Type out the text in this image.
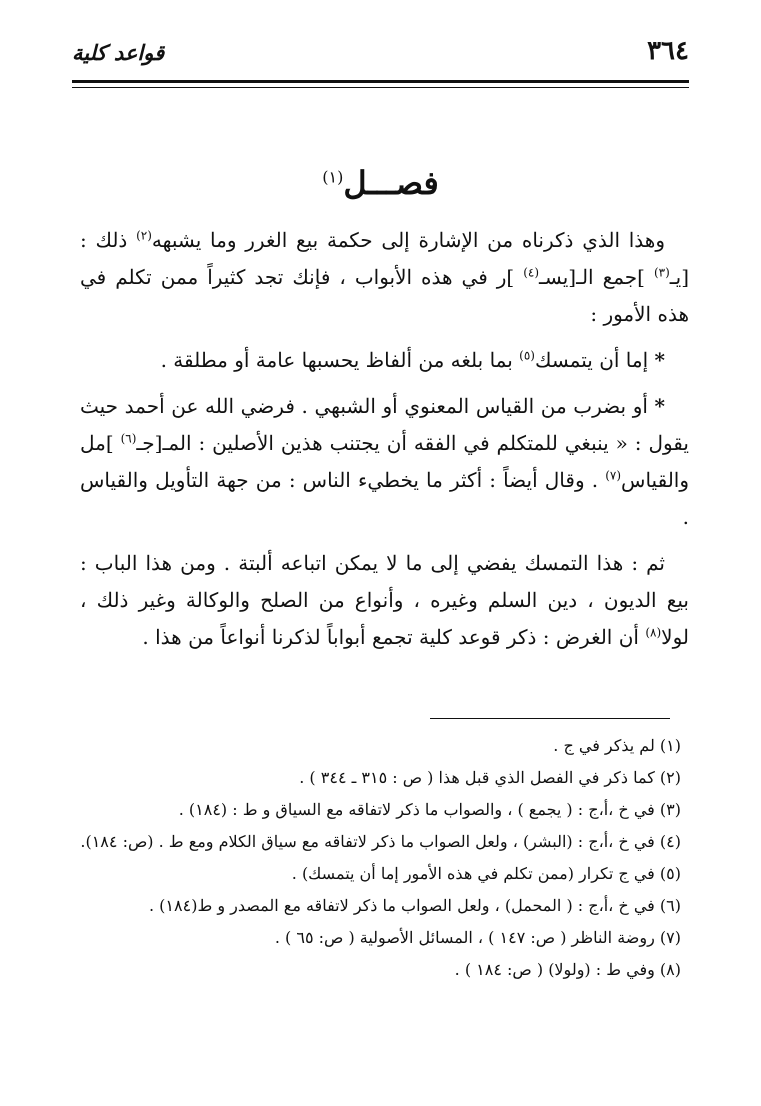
٣٦٤
قواعد كلية
فصـــل$^{(١)}$

وهذا الذي ذكرناه من الإشارة إلى حكمة بيع الغرر وما يشبهه$^{(٢)}$ ذلك : [يـ$^{(٣)}$ ]جمع الـ[يسـ$^{(٤)}$ ]ر في هذه الأبواب ، فإنك تجد كثيراً ممن تكلم في هذه الأمور :

* إما أن يتمسك$^{(٥)}$ بما بلغه من ألفاظ يحسبها عامة أو مطلقة .

* أو بضرب من القياس المعنوي أو الشبهي . فرضي الله عن أحمد حيث يقول : « ينبغي للمتكلم في الفقه أن يجتنب هذين الأصلين : المـ[جـ$^{(٦)}$ ]مل والقياس$^{(٧)}$ . وقال أيضاً : أكثر ما يخطيء الناس : من جهة التأويل والقياس .

ثم : هذا التمسك يفضي إلى ما لا يمكن اتباعه ألبتة . ومن هذا الباب : بيع الديون ، دين السلم وغيره ، وأنواع من الصلح والوكالة وغير ذلك ، لولا$^{(٨)}$ أن الغرض : ذكر قوعد كلية تجمع أبواباً لذكرنا أنواعاً من هذا .

(١) لم يذكر في ج .

(٢) كما ذكر في الفصل الذي قبل هذا ( ص : ٣١٥ ـ ٣٤٤ ) .

(٣) في خ ،أ،ج : ( يجمع ) ، والصواب ما ذكر لاتفاقه مع السياق و ط : (١٨٤) .

(٤) في خ ،أ،ج : (البشر) ، ولعل الصواب ما ذكر لاتفاقه مع سياق الكلام ومع ط . (ص: ١٨٤).

(٥) في ج تكرار (ممن تكلم في هذه الأمور إما أن يتمسك) .

(٦) في خ ،أ،ج : ( المحمل) ، ولعل الصواب ما ذكر لاتفاقه مع المصدر و ط(١٨٤) .

(٧) روضة الناظر ( ص: ١٤٧ ) ، المسائل الأصولية ( ص: ٦٥ ) .

(٨) وفي ط : (ولولا) ( ص: ١٨٤ ) .
